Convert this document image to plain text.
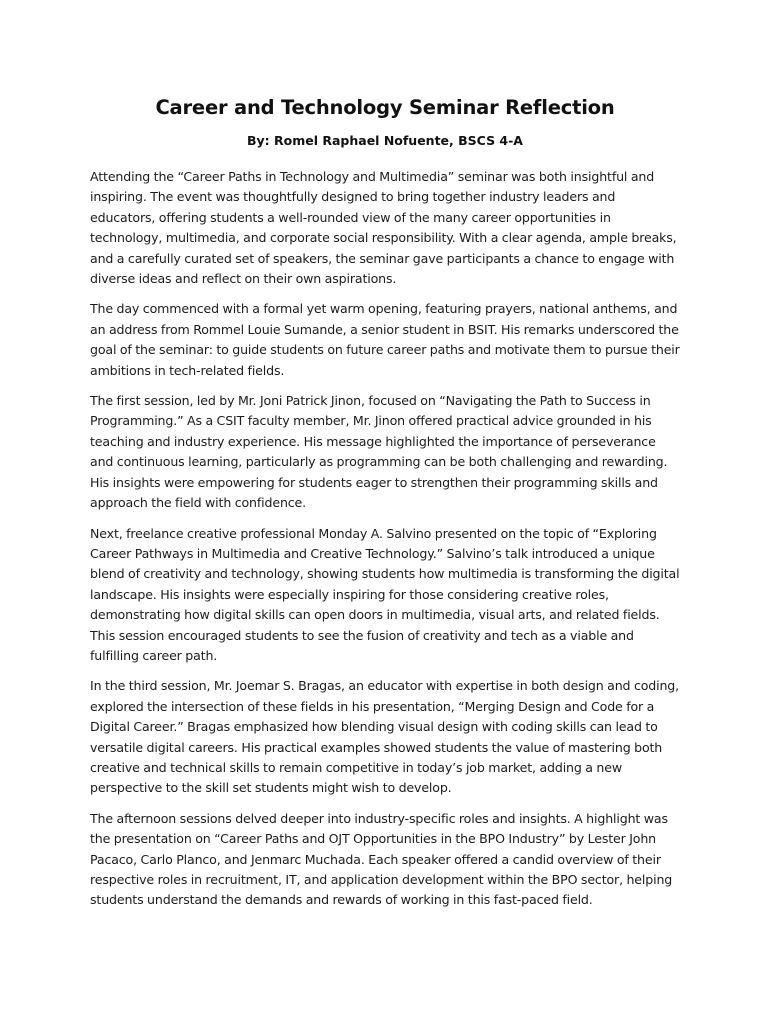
Career and Technology Seminar Reflection
By: Romel Raphael Nofuente, BSCS 4-A

Attending the “Career Paths in Technology and Multimedia” seminar was both insightful and inspiring. The event was thoughtfully designed to bring together industry leaders and educators, offering students a well-rounded view of the many career opportunities in technology, multimedia, and corporate social responsibility. With a clear agenda, ample breaks, and a carefully curated set of speakers, the seminar gave participants a chance to engage with diverse ideas and reflect on their own aspirations.

The day commenced with a formal yet warm opening, featuring prayers, national anthems, and an address from Rommel Louie Sumande, a senior student in BSIT. His remarks underscored the goal of the seminar: to guide students on future career paths and motivate them to pursue their ambitions in tech-related fields.

The first session, led by Mr. Joni Patrick Jinon, focused on “Navigating the Path to Success in Programming.” As a CSIT faculty member, Mr. Jinon offered practical advice grounded in his teaching and industry experience. His message highlighted the importance of perseverance and continuous learning, particularly as programming can be both challenging and rewarding. His insights were empowering for students eager to strengthen their programming skills and approach the field with confidence.

Next, freelance creative professional Monday A. Salvino presented on the topic of “Exploring Career Pathways in Multimedia and Creative Technology.” Salvino’s talk introduced a unique blend of creativity and technology, showing students how multimedia is transforming the digital landscape. His insights were especially inspiring for those considering creative roles, demonstrating how digital skills can open doors in multimedia, visual arts, and related fields. This session encouraged students to see the fusion of creativity and tech as a viable and fulfilling career path.

In the third session, Mr. Joemar S. Bragas, an educator with expertise in both design and coding, explored the intersection of these fields in his presentation, “Merging Design and Code for a Digital Career.” Bragas emphasized how blending visual design with coding skills can lead to versatile digital careers. His practical examples showed students the value of mastering both creative and technical skills to remain competitive in today’s job market, adding a new perspective to the skill set students might wish to develop.

The afternoon sessions delved deeper into industry-specific roles and insights. A highlight was the presentation on “Career Paths and OJT Opportunities in the BPO Industry” by Lester John Pacaco, Carlo Planco, and Jenmarc Muchada. Each speaker offered a candid overview of their respective roles in recruitment, IT, and application development within the BPO sector, helping students understand the demands and rewards of working in this fast-paced field.
